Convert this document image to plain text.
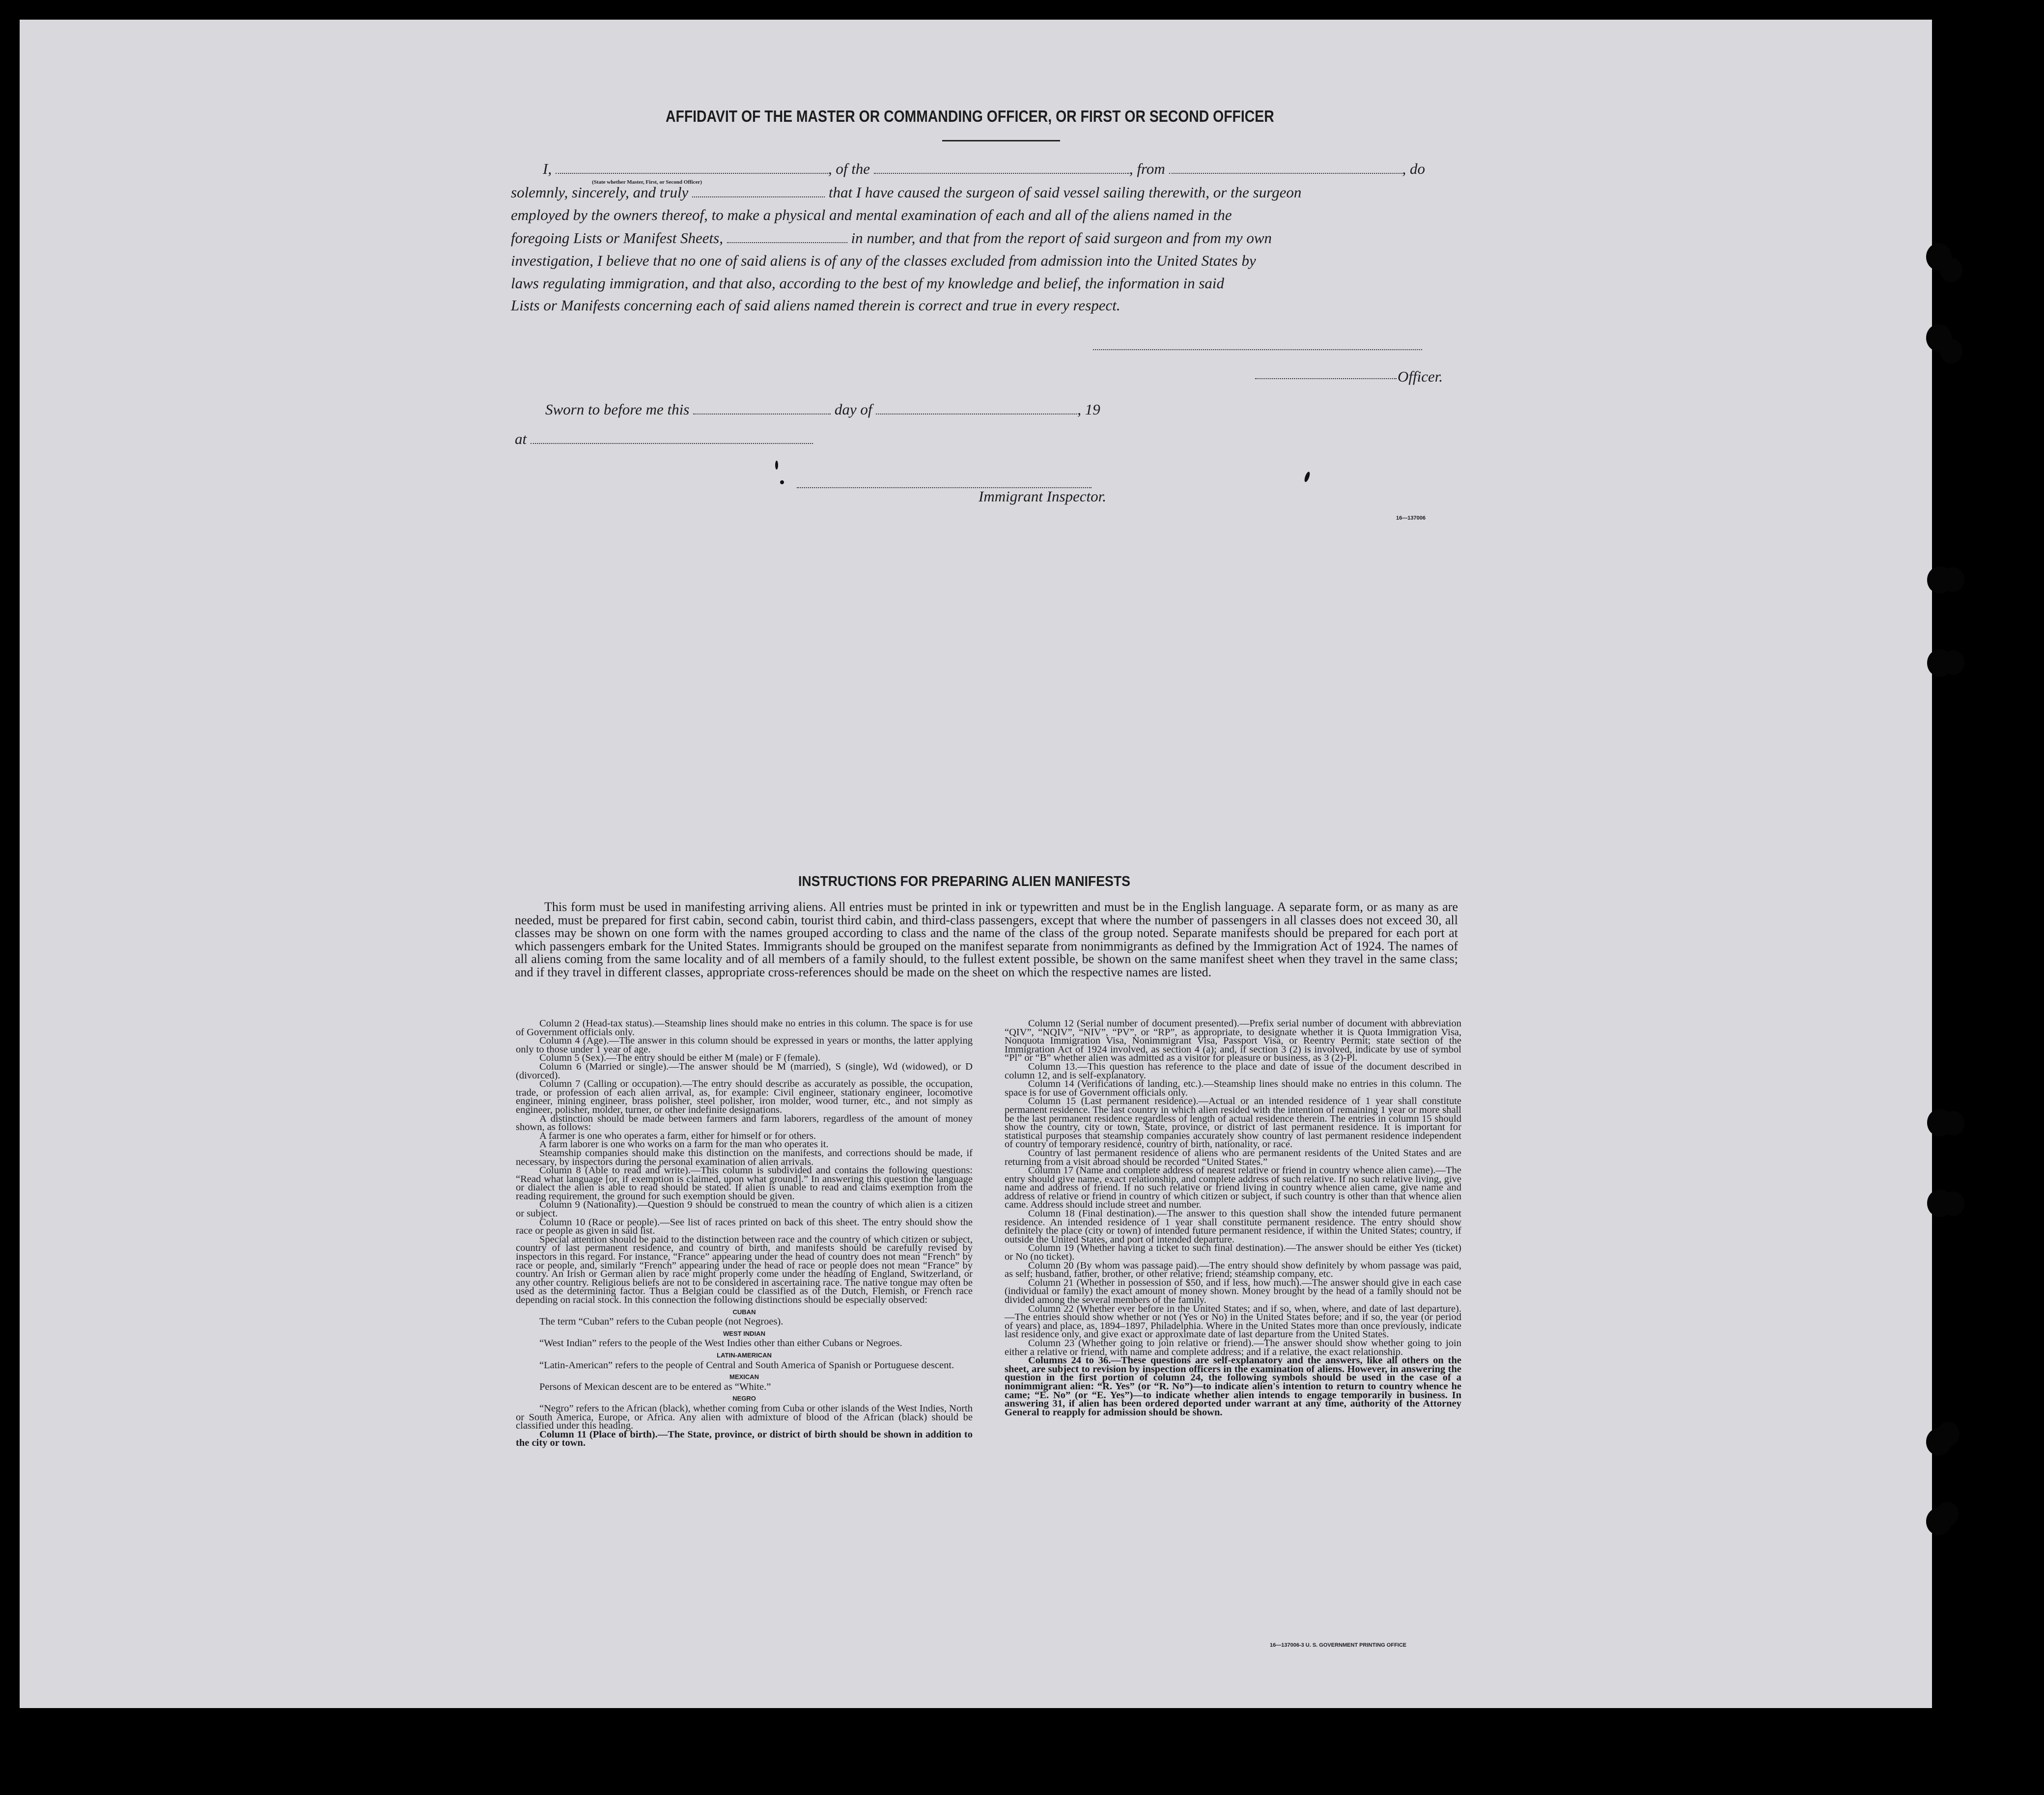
AFFIDAVIT OF THE MASTER OR COMMANDING OFFICER, OR FIRST OR SECOND OFFICER
I,	, of the	, from	, do
(State whether Master, First, or Second Officer)
solemnly, sincerely, and truly	that I have caused the surgeon of said vessel sailing therewith, or the surgeon
employed by the owners thereof, to make a physical and mental examination of each and all of the aliens named in the
foregoing Lists or Manifest Sheets,	in number, and that from the report of said surgeon and from my own
investigation, I believe that no one of said aliens is of any of the classes excluded from admission into the United States by
laws regulating immigration, and that also, according to the best of my knowledge and belief, the information in said
Lists or Manifests concerning each of said aliens named therein is correct and true in every respect.
Officer.
Sworn to before me this	day of	, 19
at
Immigrant Inspector.
16—137006
INSTRUCTIONS FOR PREPARING ALIEN MANIFESTS

This form must be used in manifesting arriving aliens. All entries must be printed in ink or typewritten and must be in the English language. A separate form, or as many as are needed, must be prepared for first cabin, second cabin, tourist third cabin, and third-class passengers, except that where the number of passengers in all classes does not exceed 30, all classes may be shown on one form with the names grouped according to class and the name of the class of the group noted. Separate manifests should be prepared for each port at which passengers embark for the United States. Immigrants should be grouped on the manifest separate from nonimmigrants as defined by the Immigration Act of 1924. The names of all aliens coming from the same locality and of all members of a family should, to the fullest extent possible, be shown on the same manifest sheet when they travel in the same class; and if they travel in different classes, appropriate cross-references should be made on the sheet on which the respective names are listed.

Column 2 (Head-tax status).—Steamship lines should make no entries in this column. The space is for use of Government officials only.

Column 4 (Age).—The answer in this column should be expressed in years or months, the latter applying only to those under 1 year of age.

Column 5 (Sex).—The entry should be either M (male) or F (female).

Column 6 (Married or single).—The answer should be M (married), S (single), Wd (widowed), or D (divorced).

Column 7 (Calling or occupation).—The entry should describe as accurately as possible, the occupation, trade, or profession of each alien arrival, as, for example: Civil engineer, stationary engineer, locomotive engineer, mining engineer, brass polisher, steel polisher, iron molder, wood turner, etc., and not simply as engineer, polisher, molder, turner, or other indefinite designations.

A distinction should be made between farmers and farm laborers, regardless of the amount of money shown, as follows:

A farmer is one who operates a farm, either for himself or for others.

A farm laborer is one who works on a farm for the man who operates it.

Steamship companies should make this distinction on the manifests, and corrections should be made, if necessary, by inspectors during the personal examination of alien arrivals.

Column 8 (Able to read and write).—This column is subdivided and contains the following questions: “Read what language [or, if exemption is claimed, upon what ground].” In answering this question the language or dialect the alien is able to read should be stated. If alien is unable to read and claims exemption from the reading requirement, the ground for such exemption should be given.

Column 9 (Nationality).—Question 9 should be construed to mean the country of which alien is a citizen or subject.

Column 10 (Race or people).—See list of races printed on back of this sheet. The entry should show the race or people as given in said list.

Special attention should be paid to the distinction between race and the country of which citizen or subject, country of last permanent residence, and country of birth, and manifests should be carefully revised by inspectors in this regard. For instance, “France” appearing under the head of country does not mean “French” by race or people, and, similarly “French” appearing under the head of race or people does not mean “France” by country. An Irish or German alien by race might properly come under the heading of England, Switzerland, or any other country. Religious beliefs are not to be considered in ascertaining race. The native tongue may often be used as the determining factor. Thus a Belgian could be classified as of the Dutch, Flemish, or French race depending on racial stock. In this connection the following distinctions should be especially observed:

CUBAN

The term “Cuban” refers to the Cuban people (not Negroes).

WEST INDIAN

“West Indian” refers to the people of the West Indies other than either Cubans or Negroes.

LATIN-AMERICAN

“Latin-American” refers to the people of Central and South America of Spanish or Portuguese descent.

MEXICAN

Persons of Mexican descent are to be entered as “White.”

NEGRO

“Negro” refers to the African (black), whether coming from Cuba or other islands of the West Indies, North or South America, Europe, or Africa. Any alien with admixture of blood of the African (black) should be classified under this heading.

Column 11 (Place of birth).—The State, province, or district of birth should be shown in addition to the city or town.

Column 12 (Serial number of document presented).—Prefix serial number of document with abbreviation “QIV”, “NQIV”, “NIV”, “PV”, or “RP”, as appropriate, to designate whether it is Quota Immigration Visa, Nonquota Immigration Visa, Nonimmigrant Visa, Passport Visa, or Reentry Permit; state section of the Immigration Act of 1924 involved, as section 4 (a); and, if section 3 (2) is involved, indicate by use of symbol “Pl” or “B” whether alien was admitted as a visitor for pleasure or business, as 3 (2)-Pl.

Column 13.—This question has reference to the place and date of issue of the document described in column 12, and is self-explanatory.

Column 14 (Verifications of landing, etc.).—Steamship lines should make no entries in this column. The space is for use of Government officials only.

Column 15 (Last permanent residence).—Actual or an intended residence of 1 year shall constitute permanent residence. The last country in which alien resided with the intention of remaining 1 year or more shall be the last permanent residence regardless of length of actual residence therein. The entries in column 15 should show the country, city or town, State, province, or district of last permanent residence. It is important for statistical purposes that steamship companies accurately show country of last permanent residence independent of country of temporary residence, country of birth, nationality, or race.

Country of last permanent residence of aliens who are permanent residents of the United States and are returning from a visit abroad should be recorded “United States.”

Column 17 (Name and complete address of nearest relative or friend in country whence alien came).—The entry should give name, exact relationship, and complete address of such relative. If no such relative living, give name and address of friend. If no such relative or friend living in country whence alien came, give name and address of relative or friend in country of which citizen or subject, if such country is other than that whence alien came. Address should include street and number.

Column 18 (Final destination).—The answer to this question shall show the intended future permanent residence. An intended residence of 1 year shall constitute permanent residence. The entry should show definitely the place (city or town) of intended future permanent residence, if within the United States; country, if outside the United States, and port of intended departure.

Column 19 (Whether having a ticket to such final destination).—The answer should be either Yes (ticket) or No (no ticket).

Column 20 (By whom was passage paid).—The entry should show definitely by whom passage was paid, as self; husband, father, brother, or other relative; friend; steamship company, etc.

Column 21 (Whether in possession of $50, and if less, how much).—The answer should give in each case (individual or family) the exact amount of money shown. Money brought by the head of a family should not be divided among the several members of the family.

Column 22 (Whether ever before in the United States; and if so, when, where, and date of last departure).—The entries should show whether or not (Yes or No) in the United States before; and if so, the year (or period of years) and place, as, 1894–1897, Philadelphia. Where in the United States more than once previously, indicate last residence only, and give exact or approximate date of last departure from the United States.

Column 23 (Whether going to join relative or friend).—The answer should show whether going to join either a relative or friend, with name and complete address; and if a relative, the exact relationship.

Columns 24 to 36.—These questions are self-explanatory and the answers, like all others on the sheet, are subject to revision by inspection officers in the examination of aliens. However, in answering the question in the first portion of column 24, the following symbols should be used in the case of a nonimmigrant alien: “R. Yes” (or “R. No”)—to indicate alien's intention to return to country whence he came; “E. No” (or “E. Yes”)—to indicate whether alien intends to engage temporarily in business. In answering 31, if alien has been ordered deported under warrant at any time, authority of the Attorney General to reapply for admission should be shown.

16—137006-3 U. S. GOVERNMENT PRINTING OFFICE
